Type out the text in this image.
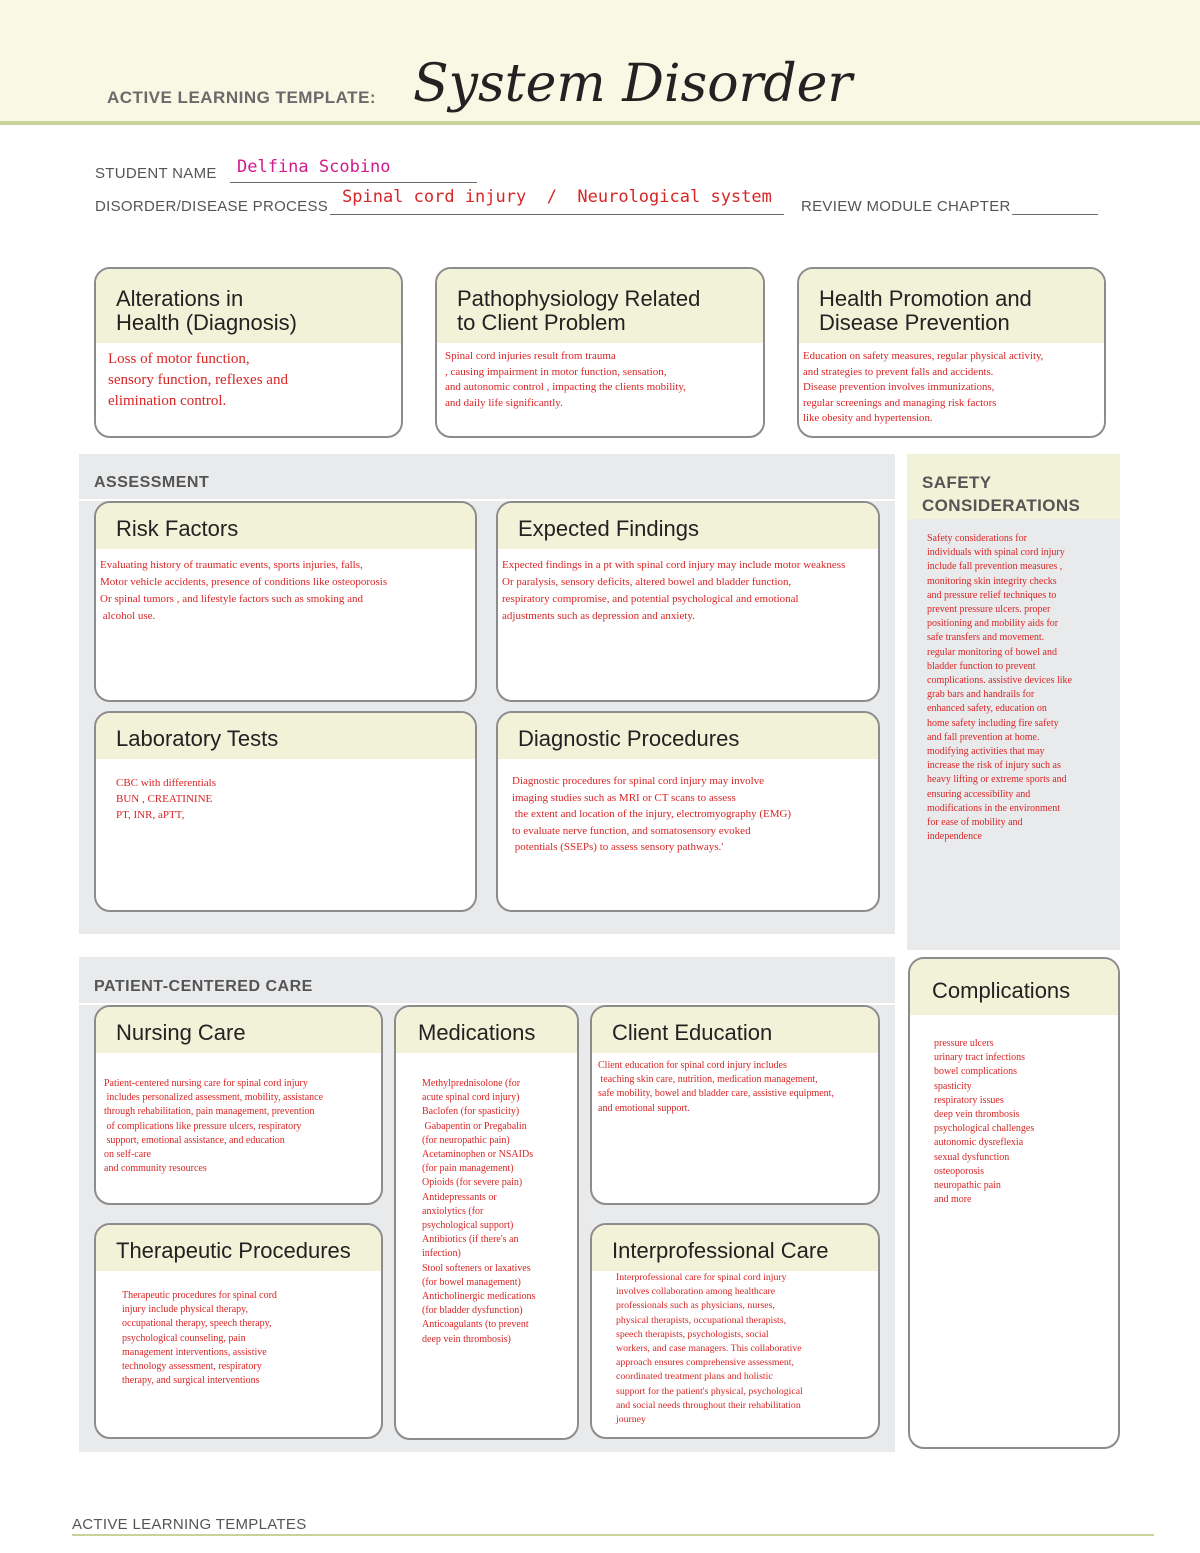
ACTIVE LEARNING TEMPLATE: System Disorder
STUDENT NAME Delfina Scobino
DISORDER/DISEASE PROCESS Spinal cord injury  /  Neurological system REVIEW MODULE CHAPTER
Alterations in
Health (Diagnosis)
Loss of motor function,
sensory function, reflexes and
elimination control.
Pathophysiology Related
to Client Problem
Spinal cord injuries result from trauma
, causing impairment in motor function, sensation,
and autonomic control , impacting the clients mobility,
and daily life significantly.
Health Promotion and
Disease Prevention
Education on safety measures, regular physical activity,
and strategies to prevent falls and accidents.
Disease prevention involves immunizations,
regular screenings and managing risk factors
like obesity and hypertension.
ASSESSMENT
Risk Factors
Evaluating history of traumatic events, sports injuries, falls,
Motor vehicle accidents, presence of conditions like osteoporosis
Or spinal tumors , and lifestyle factors such as smoking and
alcohol use.
Expected Findings
Expected findings in a pt with spinal cord injury may include motor weakness
Or paralysis, sensory deficits, altered bowel and bladder function,
respiratory compromise, and potential psychological and emotional
adjustments such as depression and anxiety.
Laboratory Tests
CBC with differentials
BUN , CREATININE
PT, INR, aPTT,
Diagnostic Procedures
Diagnostic procedures for spinal cord injury may involve
imaging studies such as MRI or CT scans to assess
the extent and location of the injury, electromyography (EMG)
to evaluate nerve function, and somatosensory evoked
potentials (SSEPs) to assess sensory pathways.'
SAFETY
CONSIDERATIONS
Safety considerations for
individuals with spinal cord injury
include fall prevention measures ,
monitoring skin integrity checks
and pressure relief techniques to
prevent pressure ulcers. proper
positioning and mobility aids for
safe transfers and movement.
regular monitoring of bowel and
bladder function to prevent
complications. assistive devices like
grab bars and handrails for
enhanced safety, education on
home safety including fire safety
and fall prevention at home.
modifying activities that may
increase the risk of injury such as
heavy lifting or extreme sports and
ensuring accessibility and
modifications in the environment
for ease of mobility and
independence
Complications
pressure ulcers
urinary tract infections
bowel complications
spasticity
respiratory issues
deep vein thrombosis
psychological challenges
autonomic dysreflexia
sexual dysfunction
osteoporosis
neuropathic pain
and more
PATIENT-CENTERED CARE
Nursing Care
Patient-centered nursing care for spinal cord injury
includes personalized assessment, mobility, assistance
through rehabilitation, pain management, prevention
of complications like pressure ulcers, respiratory
support, emotional assistance, and education
on self-care
and community resources
Medications
Methylprednisolone (for
acute spinal cord injury)
Baclofen (for spasticity)
Gabapentin or Pregabalin
(for neuropathic pain)
Acetaminophen or NSAIDs
(for pain management)
Opioids (for severe pain)
Antidepressants or
anxiolytics (for
psychological support)
Antibiotics (if there's an
infection)
Stool softeners or laxatives
(for bowel management)
Anticholinergic medications
(for bladder dysfunction)
Anticoagulants (to prevent
deep vein thrombosis)
Client Education
Client education for spinal cord injury includes
teaching skin care, nutrition, medication management,
safe mobility, bowel and bladder care, assistive equipment,
and emotional support.
Therapeutic Procedures
Therapeutic procedures for spinal cord
injury include physical therapy,
occupational therapy, speech therapy,
psychological counseling, pain
management interventions, assistive
technology assessment, respiratory
therapy, and surgical interventions
Interprofessional Care
Interprofessional care for spinal cord injury
involves collaboration among healthcare
professionals such as physicians, nurses,
physical therapists, occupational therapists,
speech therapists, psychologists, social
workers, and case managers. This collaborative
approach ensures comprehensive assessment,
coordinated treatment plans and holistic
support for the patient's physical, psychological
and social needs throughout their rehabilitation
journey
ACTIVE LEARNING TEMPLATES
